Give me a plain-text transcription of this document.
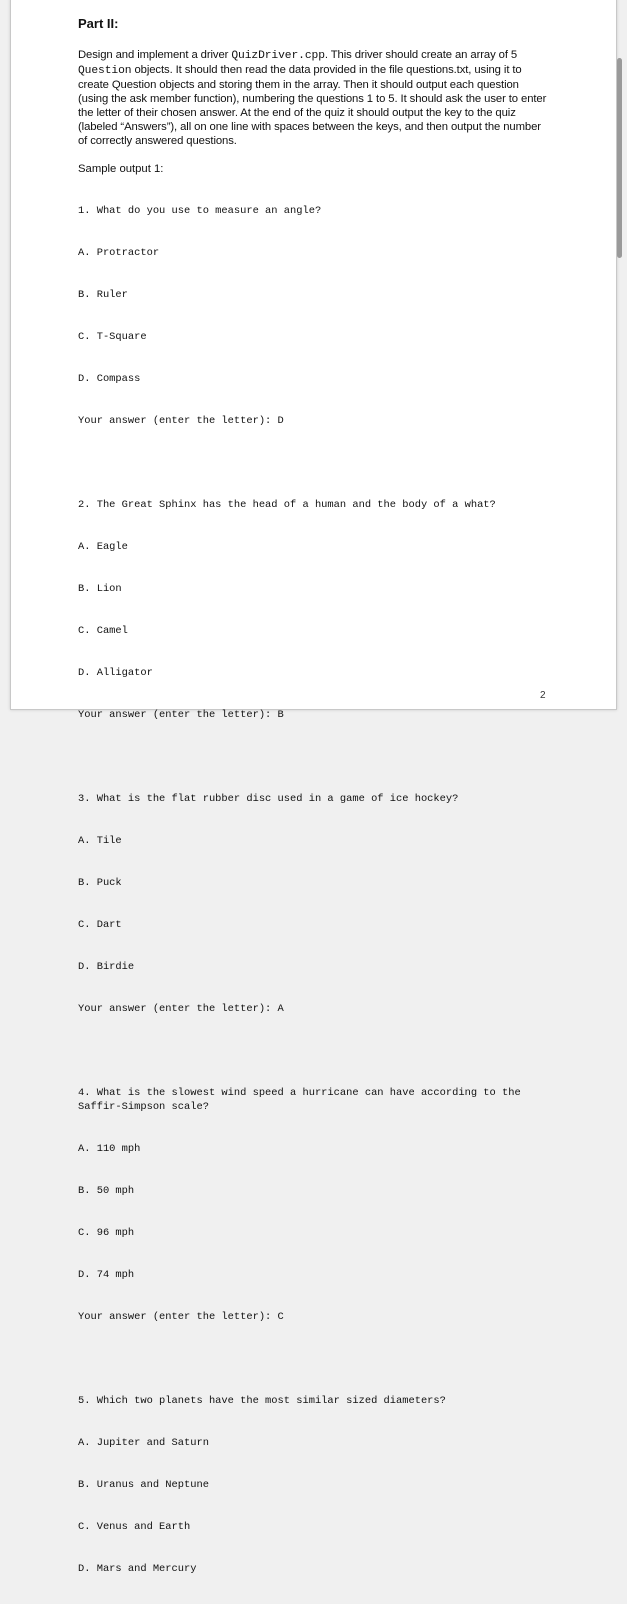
Part II:

Design and implement a driver QuizDriver.cpp. This driver should create an array of 5 Question objects. It should then read the data provided in the file questions.txt, using it to create Question objects and storing them in the array. Then it should output each question (using the ask member function), numbering the questions 1 to 5. It should ask the user to enter the letter of their chosen answer. At the end of the quiz it should output the key to the quiz (labeled “Answers”), all on one line with spaces between the keys, and then output the number of correctly answered questions.

Sample output 1:

1. What do you use to measure an angle?

A. Protractor

B. Ruler

C. T-Square

D. Compass

Your answer (enter the letter): D

2. The Great Sphinx has the head of a human and the body of a what?

A. Eagle

B. Lion

C. Camel

D. Alligator

Your answer (enter the letter): B

3. What is the flat rubber disc used in a game of ice hockey?

A. Tile

B. Puck

C. Dart

D. Birdie

Your answer (enter the letter): A

4. What is the slowest wind speed a hurricane can have according to the Saffir-Simpson scale?

A. 110 mph

B. 50 mph

C. 96 mph

D. 74 mph

Your answer (enter the letter): C

5. Which two planets have the most similar sized diameters?

A. Jupiter and Saturn

B. Uranus and Neptune

C. Venus and Earth

D. Mars and Mercury

2
